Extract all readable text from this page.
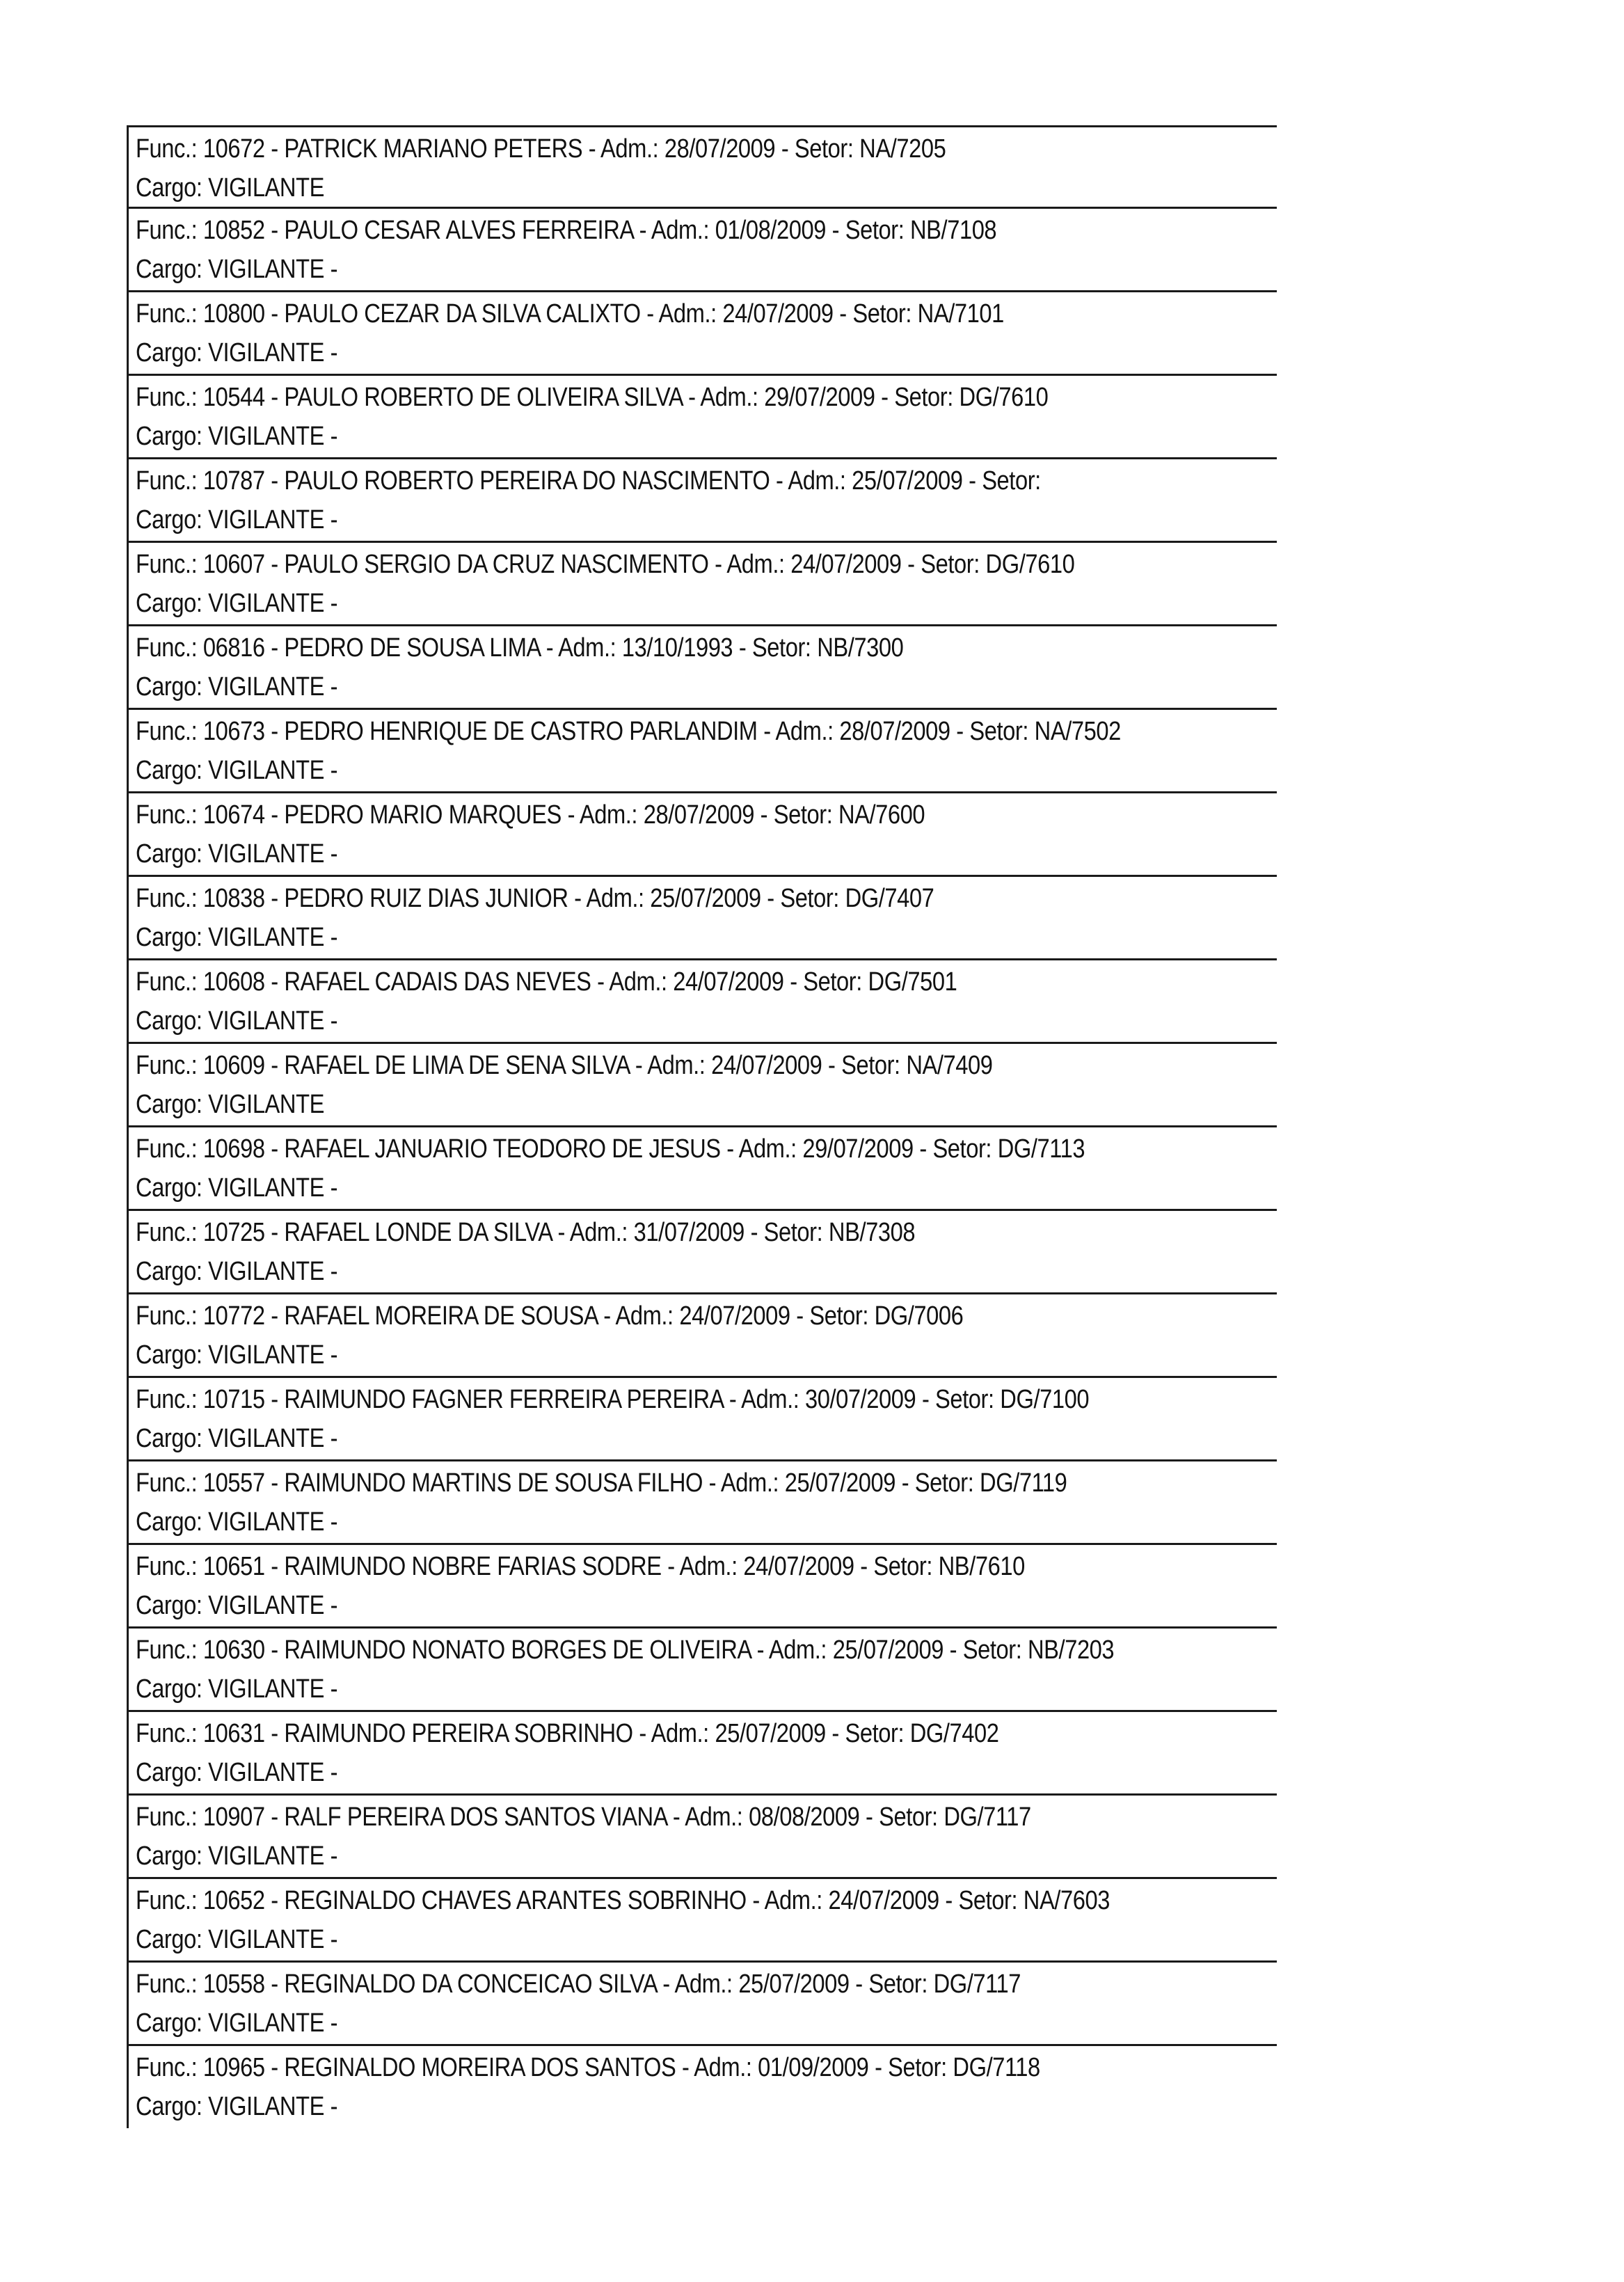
Func.: 10672 - PATRICK MARIANO PETERS - Adm.: 28/07/2009 - Setor: NA/7205
Cargo: VIGILANTE
Func.: 10852 - PAULO CESAR ALVES FERREIRA - Adm.: 01/08/2009 - Setor: NB/7108
Cargo: VIGILANTE -
Func.: 10800 - PAULO CEZAR DA SILVA CALIXTO - Adm.: 24/07/2009 - Setor: NA/7101
Cargo: VIGILANTE -
Func.: 10544 - PAULO ROBERTO DE OLIVEIRA SILVA - Adm.: 29/07/2009 - Setor: DG/7610
Cargo: VIGILANTE -
Func.: 10787 - PAULO ROBERTO PEREIRA DO NASCIMENTO - Adm.: 25/07/2009 - Setor:
Cargo: VIGILANTE -
Func.: 10607 - PAULO SERGIO DA CRUZ NASCIMENTO - Adm.: 24/07/2009 - Setor: DG/7610
Cargo: VIGILANTE -
Func.: 06816 - PEDRO DE SOUSA LIMA - Adm.: 13/10/1993 - Setor: NB/7300
Cargo: VIGILANTE -
Func.: 10673 - PEDRO HENRIQUE DE CASTRO PARLANDIM - Adm.: 28/07/2009 - Setor: NA/7502
Cargo: VIGILANTE -
Func.: 10674 - PEDRO MARIO MARQUES - Adm.: 28/07/2009 - Setor: NA/7600
Cargo: VIGILANTE -
Func.: 10838 - PEDRO RUIZ DIAS JUNIOR - Adm.: 25/07/2009 - Setor: DG/7407
Cargo: VIGILANTE -
Func.: 10608 - RAFAEL CADAIS DAS NEVES - Adm.: 24/07/2009 - Setor: DG/7501
Cargo: VIGILANTE -
Func.: 10609 - RAFAEL DE LIMA DE SENA SILVA - Adm.: 24/07/2009 - Setor: NA/7409
Cargo: VIGILANTE
Func.: 10698 - RAFAEL JANUARIO TEODORO DE JESUS - Adm.: 29/07/2009 - Setor: DG/7113
Cargo: VIGILANTE -
Func.: 10725 - RAFAEL LONDE DA SILVA - Adm.: 31/07/2009 - Setor: NB/7308
Cargo: VIGILANTE -
Func.: 10772 - RAFAEL MOREIRA DE SOUSA - Adm.: 24/07/2009 - Setor: DG/7006
Cargo: VIGILANTE -
Func.: 10715 - RAIMUNDO FAGNER FERREIRA PEREIRA - Adm.: 30/07/2009 - Setor: DG/7100
Cargo: VIGILANTE -
Func.: 10557 - RAIMUNDO MARTINS DE SOUSA FILHO - Adm.: 25/07/2009 - Setor: DG/7119
Cargo: VIGILANTE -
Func.: 10651 - RAIMUNDO NOBRE FARIAS SODRE - Adm.: 24/07/2009 - Setor: NB/7610
Cargo: VIGILANTE -
Func.: 10630 - RAIMUNDO NONATO BORGES DE OLIVEIRA - Adm.: 25/07/2009 - Setor: NB/7203
Cargo: VIGILANTE -
Func.: 10631 - RAIMUNDO PEREIRA SOBRINHO - Adm.: 25/07/2009 - Setor: DG/7402
Cargo: VIGILANTE -
Func.: 10907 - RALF PEREIRA DOS SANTOS VIANA - Adm.: 08/08/2009 - Setor: DG/7117
Cargo: VIGILANTE -
Func.: 10652 - REGINALDO CHAVES ARANTES SOBRINHO - Adm.: 24/07/2009 - Setor: NA/7603
Cargo: VIGILANTE -
Func.: 10558 - REGINALDO DA CONCEICAO SILVA - Adm.: 25/07/2009 - Setor: DG/7117
Cargo: VIGILANTE -
Func.: 10965 - REGINALDO MOREIRA DOS SANTOS - Adm.: 01/09/2009 - Setor: DG/7118
Cargo: VIGILANTE -
